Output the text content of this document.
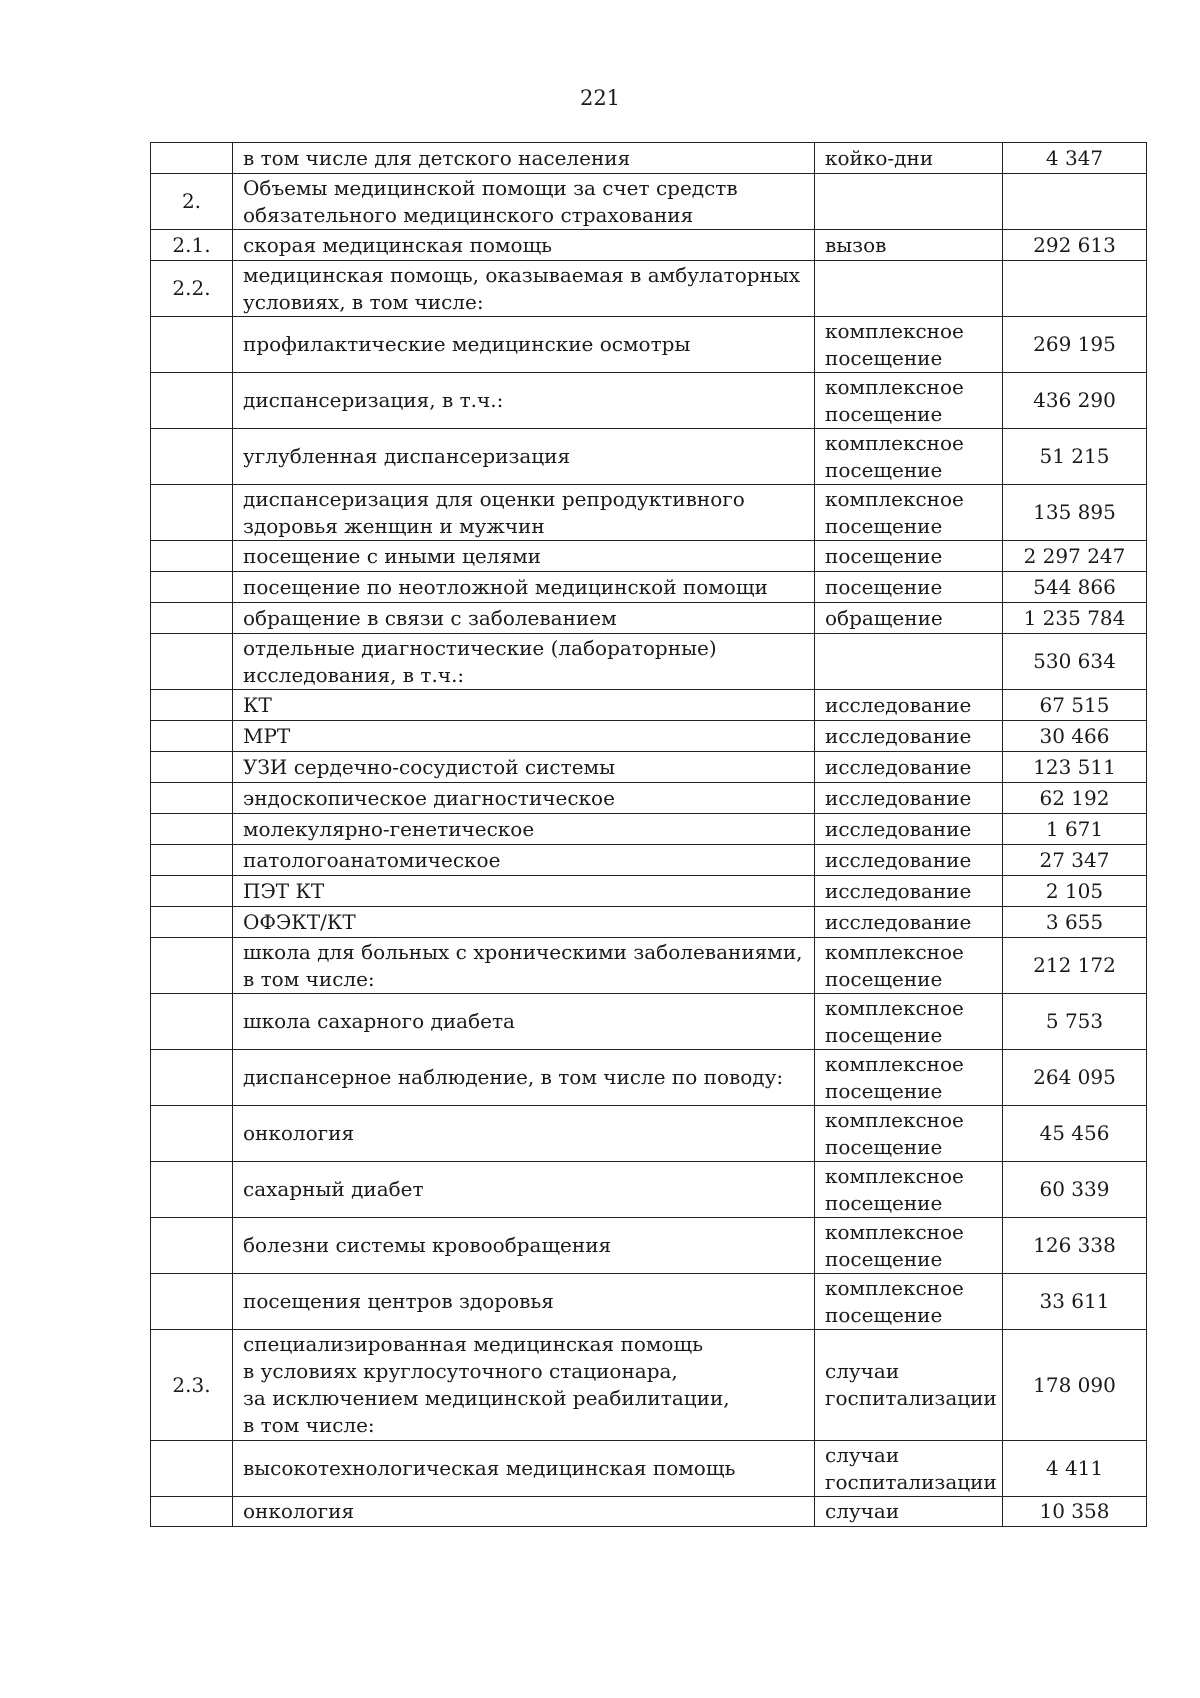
221

	в том числе для детского населения	койко-дни	4 347
2.	Объемы медицинской помощи за счет средств
обязательного медицинского страхования		

2.1.	скорая медицинская помощь	вызов	292 613
2.2.	медицинская помощь, оказываемая в амбулаторных
условиях, в том числе:		

	профилактические медицинские осмотры	комплексное
посещение	269 195

	диспансеризация, в т.ч.:	комплексное
посещение	436 290

	углубленная диспансеризация	комплексное
посещение	51 215

	диспансеризация для оценки репродуктивного
здоровья женщин и мужчин	комплексное
посещение	135 895

	посещение с иными целями	посещение	2 297 247

	посещение по неотложной медицинской помощи	посещение	544 866

	обращение в связи с заболеванием	обращение	1 235 784

	отдельные диагностические (лабораторные)
исследования, в т.ч.:		530 634

	КТ	исследование	67 515

	МРТ	исследование	30 466

	УЗИ сердечно-сосудистой системы	исследование	123 511

	эндоскопическое диагностическое	исследование	62 192

	молекулярно-генетическое	исследование	1 671

	патологоанатомическое	исследование	27 347

	ПЭТ КТ	исследование	2 105

	ОФЭКТ/КТ	исследование	3 655

	школа для больных с хроническими заболеваниями,
в том числе:	комплексное
посещение	212 172

	школа сахарного диабета	комплексное
посещение	5 753

	диспансерное наблюдение, в том числе по поводу:	комплексное
посещение	264 095

	онкология	комплексное
посещение	45 456

	сахарный диабет	комплексное
посещение	60 339

	болезни системы кровообращения	комплексное
посещение	126 338

	посещения центров здоровья	комплексное
посещение	33 611
2.3.	специализированная медицинская помощь
в условиях круглосуточного стационара,
за исключением медицинской реабилитации,
в том числе:	случаи
госпитализации	178 090

	высокотехнологическая медицинская помощь	случаи
госпитализации	4 411

	онкология	случаи	10 358
